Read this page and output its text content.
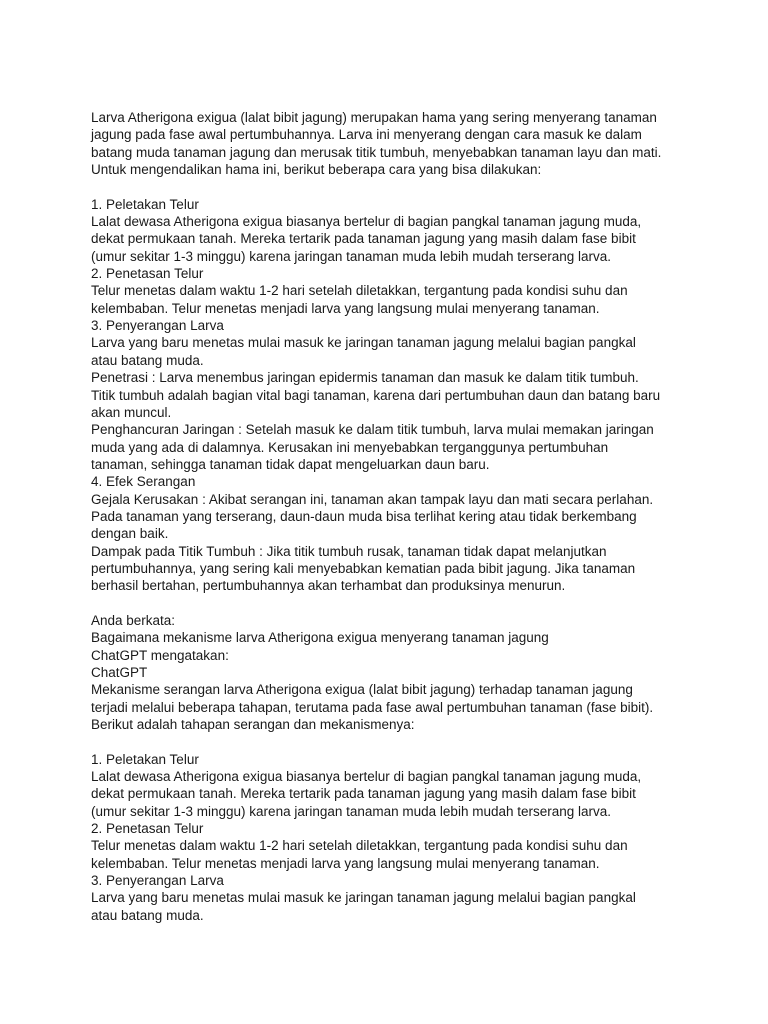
Larva Atherigona exigua (lalat bibit jagung) merupakan hama yang sering menyerang tanaman
jagung pada fase awal pertumbuhannya. Larva ini menyerang dengan cara masuk ke dalam
batang muda tanaman jagung dan merusak titik tumbuh, menyebabkan tanaman layu dan mati.
Untuk mengendalikan hama ini, berikut beberapa cara yang bisa dilakukan:
1. Peletakan Telur
Lalat dewasa Atherigona exigua biasanya bertelur di bagian pangkal tanaman jagung muda,
dekat permukaan tanah. Mereka tertarik pada tanaman jagung yang masih dalam fase bibit
(umur sekitar 1-3 minggu) karena jaringan tanaman muda lebih mudah terserang larva.
2. Penetasan Telur
Telur menetas dalam waktu 1-2 hari setelah diletakkan, tergantung pada kondisi suhu dan
kelembaban. Telur menetas menjadi larva yang langsung mulai menyerang tanaman.
3. Penyerangan Larva
Larva yang baru menetas mulai masuk ke jaringan tanaman jagung melalui bagian pangkal
atau batang muda.
Penetrasi : Larva menembus jaringan epidermis tanaman dan masuk ke dalam titik tumbuh.
Titik tumbuh adalah bagian vital bagi tanaman, karena dari pertumbuhan daun dan batang baru
akan muncul.
Penghancuran Jaringan : Setelah masuk ke dalam titik tumbuh, larva mulai memakan jaringan
muda yang ada di dalamnya. Kerusakan ini menyebabkan terganggunya pertumbuhan
tanaman, sehingga tanaman tidak dapat mengeluarkan daun baru.
4. Efek Serangan
Gejala Kerusakan : Akibat serangan ini, tanaman akan tampak layu dan mati secara perlahan.
Pada tanaman yang terserang, daun-daun muda bisa terlihat kering atau tidak berkembang
dengan baik.
Dampak pada Titik Tumbuh : Jika titik tumbuh rusak, tanaman tidak dapat melanjutkan
pertumbuhannya, yang sering kali menyebabkan kematian pada bibit jagung. Jika tanaman
berhasil bertahan, pertumbuhannya akan terhambat dan produksinya menurun.
Anda berkata:
Bagaimana mekanisme larva Atherigona exigua menyerang tanaman jagung
ChatGPT mengatakan:
ChatGPT
Mekanisme serangan larva Atherigona exigua (lalat bibit jagung) terhadap tanaman jagung
terjadi melalui beberapa tahapan, terutama pada fase awal pertumbuhan tanaman (fase bibit).
Berikut adalah tahapan serangan dan mekanismenya:
1. Peletakan Telur
Lalat dewasa Atherigona exigua biasanya bertelur di bagian pangkal tanaman jagung muda,
dekat permukaan tanah. Mereka tertarik pada tanaman jagung yang masih dalam fase bibit
(umur sekitar 1-3 minggu) karena jaringan tanaman muda lebih mudah terserang larva.
2. Penetasan Telur
Telur menetas dalam waktu 1-2 hari setelah diletakkan, tergantung pada kondisi suhu dan
kelembaban. Telur menetas menjadi larva yang langsung mulai menyerang tanaman.
3. Penyerangan Larva
Larva yang baru menetas mulai masuk ke jaringan tanaman jagung melalui bagian pangkal
atau batang muda.
